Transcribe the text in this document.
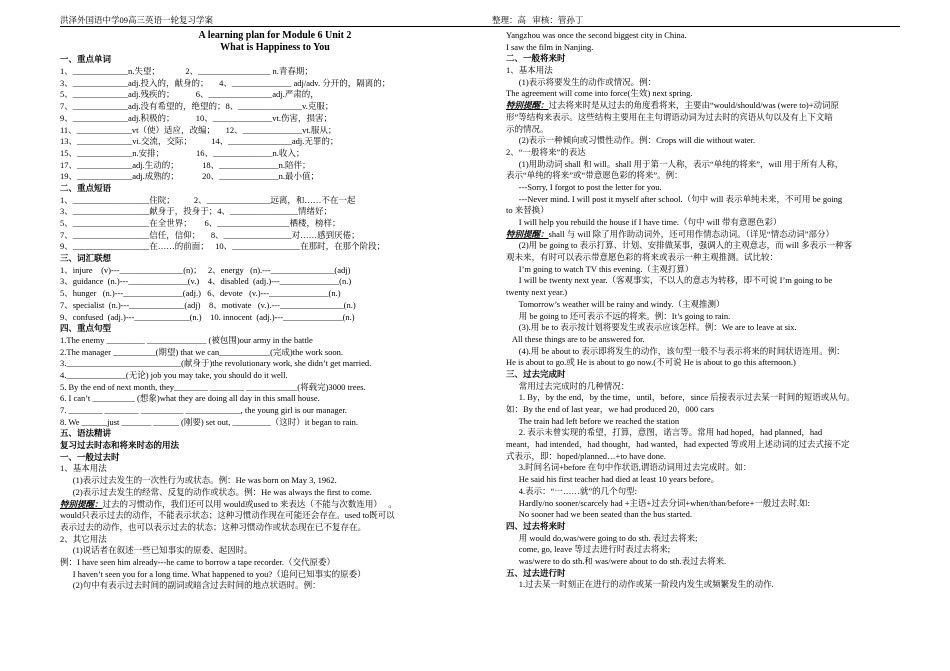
洪泽外国语中学09高三英语一轮复习学案	整理：高   审核：管孙丁
A learning plan for Module 6 Unit 2
What is Happiness to You
一、重点单词
1、_____________n.失望；            2、_________________ n.青春期；
3、_____________adj.投入的，献身的；     4、______________ adj/adv. 分开的，隔离的；
5、_____________adj.残疾的；          6、_______________adj.严肃的，
7、_____________adj.没有希望的，绝望的；8、_______________v.克服；
9、_____________adj.积极的；          10、______________vt.伤害，损害；
11、_____________vt（使）适应，改编；     12、______________vt.服从；
13、_____________vi.交流，交际；         14、_______________adj.无罪的；
15、_____________n.安排；               16、______________n.收入；
17、_____________adj.生动的；           18、______________n.陪伴；
19、_____________adj.成熟的；           20、______________n.最小值；
二、重点短语
1、__________________住院；         2、_______________远离，和……不在一起
3、__________________献身于，投身于；4、________________情绪好；
5、__________________在全世界；      6、_________________栖楼，榜样；
7、__________________信任，信仰；     8、________________对……感到厌倦；
9、__________________在……的前面；   10、________________在那时，在那个阶段；
三、词汇联想
1、injure    (v)---_______________(n)；   2、energy   (n).---_______________(adj)
3、guidance  (n.)---______________(v.)    4、disabled  (adj.)---______________(n.)
5、hunger   (n.)---______________(adj.)   6、devote   (v.)---______________(n.)
7、specialist  (n.)---_____________(adj)    8、motivate   (v.).---_______________(n.)
9、confused  (adj.)---_____________(n.)    10. innocent  (adj.)---______________(n.)
四、重点句型
1.The enemy _________ ______________ (被包围)our army in the battle
2.The manager __________(期望) that we can____________(完成)the work soon.
3.___________________________(献身于)the revolutionary work, she didn’t get married.
4.______________(无论) job you may take, you should do it well.
5. By the end of next month, they________ ________ ____________(将载完)3000 trees.
6. I can’t __________ (想象)what they are doing all day in this small house.
7. ________ ________ __________ _____________, the young girl is our manager.
8. We ______just _______ ______ (刚要) set out, _________（这时）it began to rain.
五、语法精讲
复习过去时态和将来时态的用法
一、一般过去时
1、基本用法
(1)表示过去发生的一次性行为或状态。例：He was born on May 3, 1962.
(2)表示过去发生的经常、反复的动作或状态。例：He was always the first to come.
特别提醒：过去的习惯动作，我们还可以用 would或used to 来表达（不能与次数连用）   。
would只表示过去的动作，不能表示状态；这种习惯动作现在可能还会存在。used to既可以
表示过去的动作，也可以表示过去的状态；这种习惯动作或状态现在已不复存在。
2、其它用法
(1)说话者在叙述一些已知事实的原委、起因时。
例：I have seen him already---he came to borrow a tape recorder.（交代原委）
I haven’t seen you for a long time. What happened to you?（追问已知事实的原委）
(2)句中有表示过去时间的副词或暗含过去时间的地点状语时。例：
Yangzhou was once the second biggest city in China.
I saw the film in Nanjing.
二、一般将来时
1、基本用法
(1)表示将要发生的动作或情况。例：
The agreement will come into force(生效) next spring.
特别提醒：过去将来时是从过去的角度看将来，主要由“would/should/was (were to)+动词原
形”等结构来表示。这些结构主要用在主句谓语动词为过去时的宾语从句以及有上下文暗
示的情况。
(2)表示一种倾向或习惯性动作。例：Crops will die without water.
2、“一般将来”的表达
(1)用助动词 shall 和 will。shall 用于第一人称，表示“单纯的将来”，will 用于所有人称，
表示“单纯的将来”或“带意愿色彩的将来”。例：
---Sorry, I forgot to post the letter for you.
---Never mind. I will post it myself after school.（句中 will 表示单纯未来，不可用 be going
to 来替换）
I will help you rebuild the house if I have time.（句中 will 带有意愿色彩）
特别提醒：shall 与 will 除了用作助动词外，还可用作情态动词。（详见“情态动词”部分）
(2)用 be going to 表示打算、计划、安排做某事，强调人的主观意志，而 will 多表示一种客
观未来，有时可以表示带意愿色彩的将来或表示一种主观推测。试比较：
I’m going to watch TV this evening.（主观打算）
I will be twenty next year.（客观事实，不以人的意志为转移，即不可说 I’m going to be
twenty next year.)
Tomorrow’s weather will be rainy and windy.（主观推测）
用 be going to 还可表示不远的将来。例：It’s going to rain.
(3).用 be to 表示按计划将要发生或表示应该怎样。例：We are to leave at six.
All these things are to be answered for.
(4).用 be about to 表示即将发生的动作，该句型一般不与表示将来的时间状语连用。例：
He is about to go.或 He is about to go now.(不可说 He is about to go this afternoon.)
三、过去完成时
常用过去完成时的几种情况：
1. By，by the end，by the time，until，before，since 后接表示过去某一时间的短语或从句。
如：By the end of last year，we had produced 20，000 cars
The train had left before we reached the station
2. 表示未曾实现的希望，打算，意图，诺言等。常用 had hoped，had planned，had
meant，had intended，had thought，had wanted，had expected 等或用上述动词的过去式接不定
式表示，即：hoped/planned…+to have done.
3.时间名词+before 在句中作状语,谓语动词用过去完成时。如：
He said his first teacher had died at least 10 years before。
4.表示：“一……就”的几个句型:
Hardly/no sooner/scarcely had +主语+过去分词+when/than/before+一般过去时.如:
No sooner had we been seated than the bus started.
四、过去将来时
用 would do,was/were going to do sth. 表过去将来;
come, go, leave 等过去进行时表过去将来;
was/were to do sth.和 was/were about to do sth.表过去将来.
五、过去进行时
1.过去某一时刻正在进行的动作或某一阶段内发生或频繁发生的动作.
